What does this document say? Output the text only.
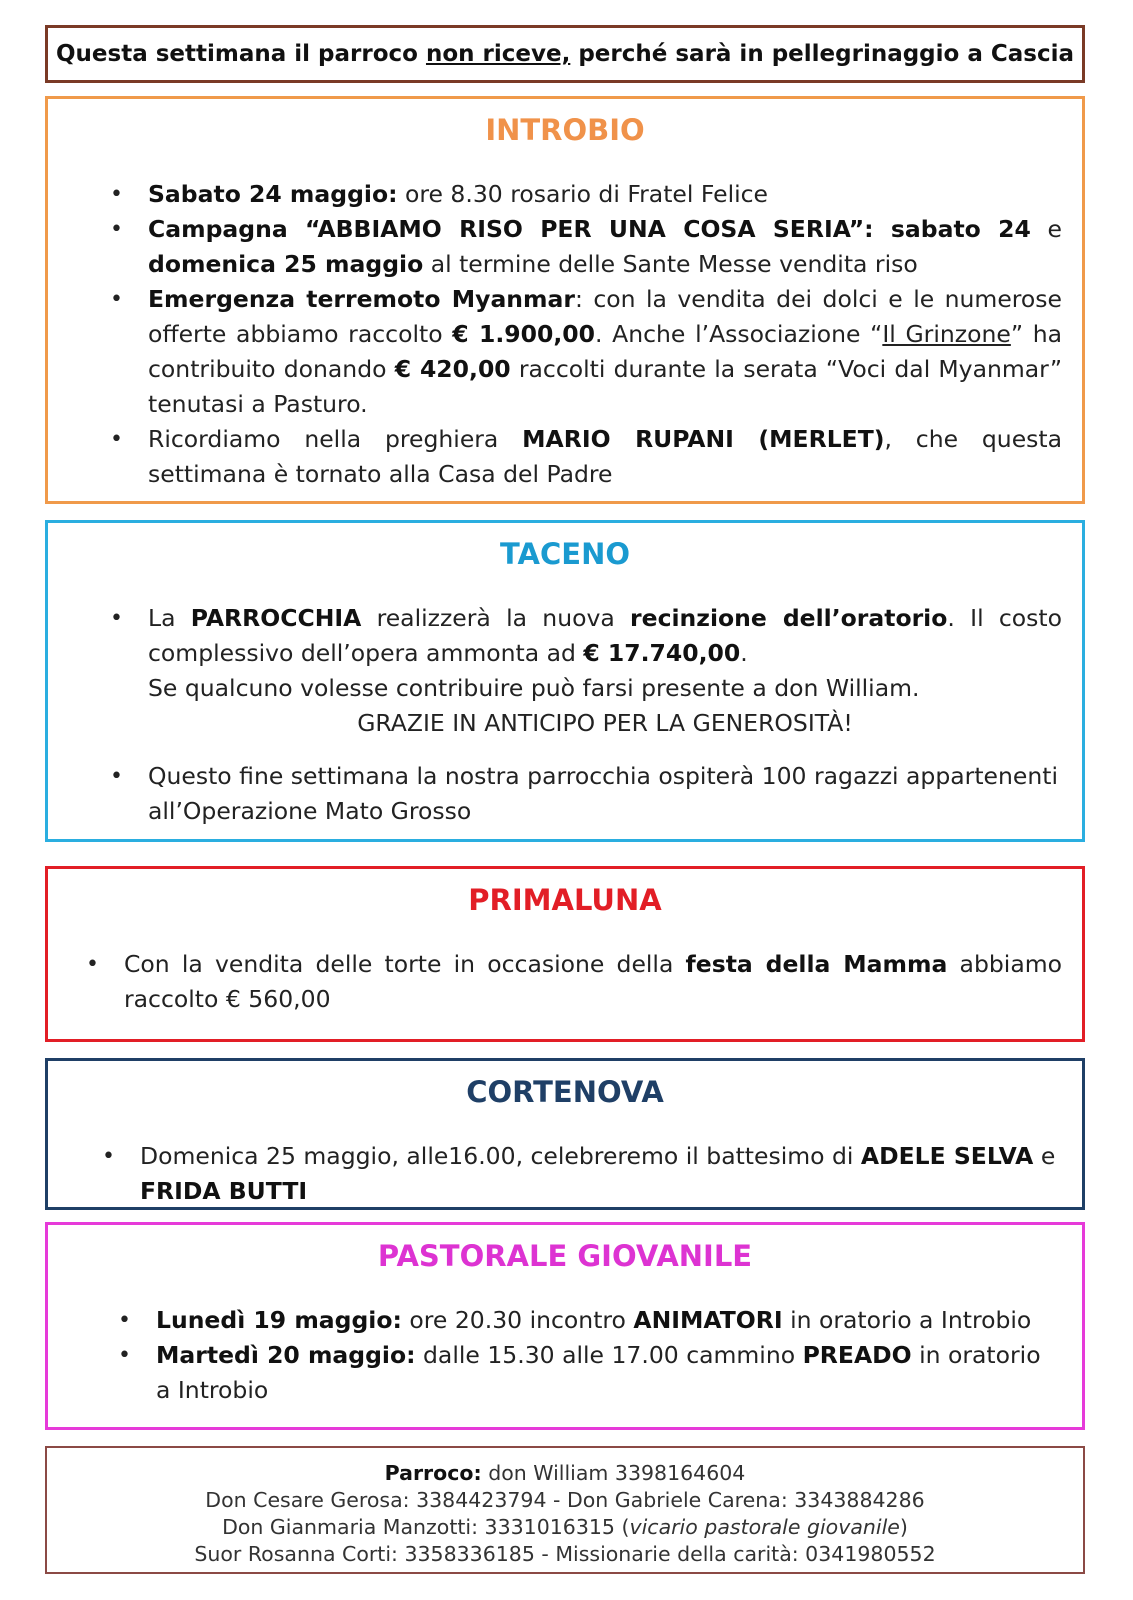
Questa settimana il parroco non riceve, perché sarà in pellegrinaggio a Cascia

INTROBIO
• Sabato 24 maggio: ore 8.30 rosario di Fratel Felice
• Campagna “ABBIAMO RISO PER UNA COSA SERIA”: sabato 24 e domenica 25 maggio al termine delle Sante Messe vendita riso
• Emergenza terremoto Myanmar: con la vendita dei dolci e le numerose offerte abbiamo raccolto € 1.900,00. Anche l’Associazione “Il Grinzone” ha contribuito donando € 420,00 raccolti durante la serata “Voci dal Myanmar” tenutasi a Pasturo.
• Ricordiamo nella preghiera MARIO RUPANI (MERLET), che questa settimana è tornato alla Casa del Padre
TACENO
• La PARROCCHIA realizzerà la nuova recinzione dell’oratorio. Il costo complessivo dell’opera ammonta ad € 17.740,00.
Se qualcuno volesse contribuire può farsi presente a don William.
GRAZIE IN ANTICIPO PER LA GENEROSITÀ!
• Questo fine settimana la nostra parrocchia ospiterà 100 ragazzi appartenenti all’Operazione Mato Grosso
PRIMALUNA
• Con la vendita delle torte in occasione della festa della Mamma abbiamo raccolto € 560,00
CORTENOVA
• Domenica 25 maggio, alle16.00, celebreremo il battesimo di ADELE SELVA e FRIDA BUTTI
PASTORALE GIOVANILE
• Lunedì 19 maggio: ore 20.30 incontro ANIMATORI in oratorio a Introbio
• Martedì 20 maggio: dalle 15.30 alle 17.00 cammino PREADO in oratorio a Introbio

Parroco: don William 3398164604

Don Cesare Gerosa: 3384423794 - Don Gabriele Carena: 3343884286

Don Gianmaria Manzotti: 3331016315 (vicario pastorale giovanile)

Suor Rosanna Corti: 3358336185 - Missionarie della carità: 0341980552
